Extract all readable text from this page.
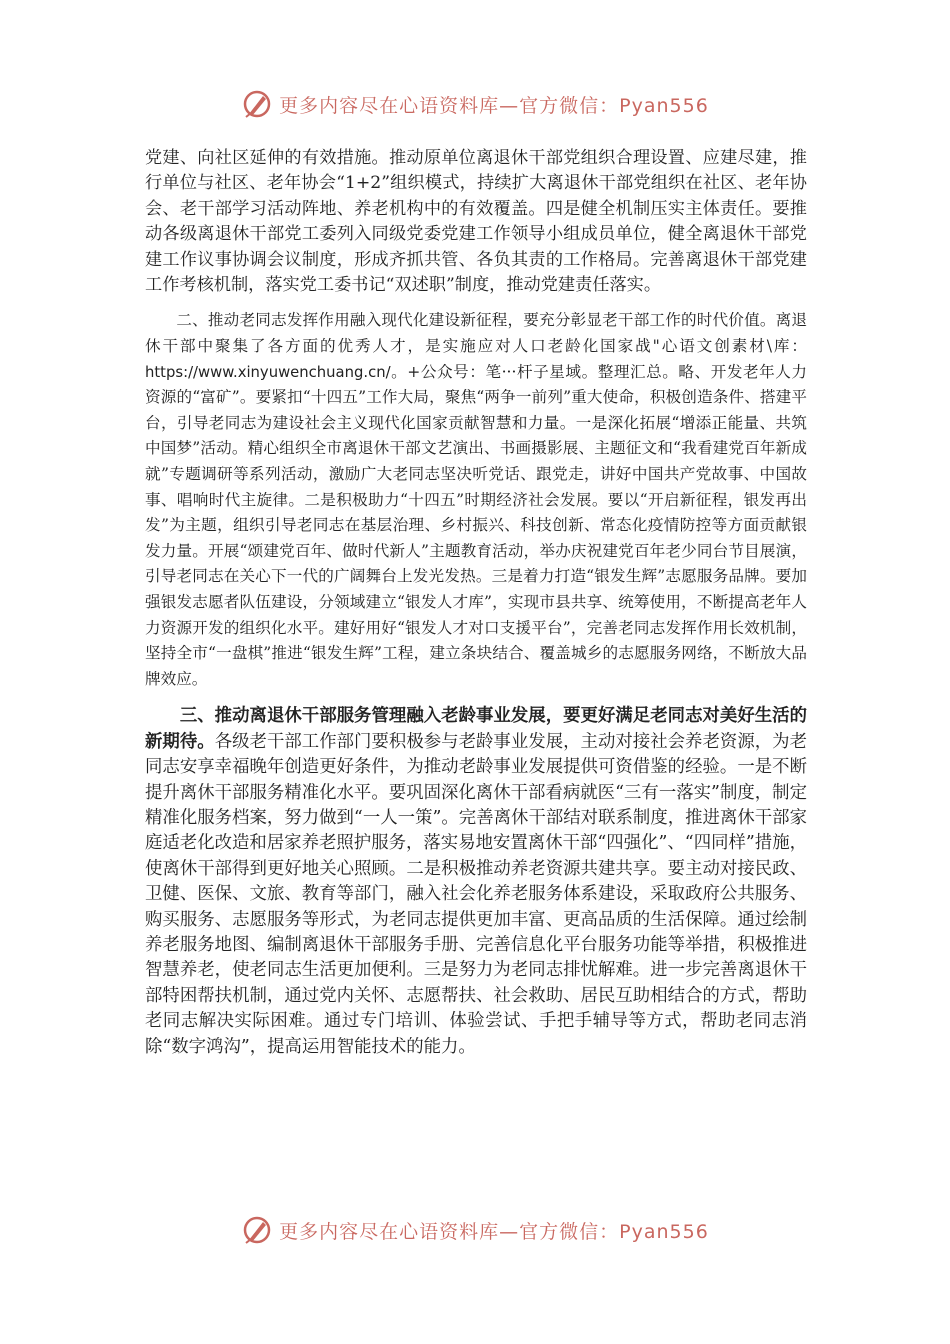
更多内容尽在心语资料库— 官方微信：Pyan556

党建、向社区延伸的有效措施。推动原单位离退休干部党组织合理设置、应建尽建，推行单位与社区、老年协会“1+2”组织模式，持续扩大离退休干部党组织在社区、老年协会、老干部学习活动阵地、养老机构中的有效覆盖。四是健全机制压实主体责任。要推动各级离退休干部党工委列入同级党委党建工作领导小组成员单位，健全离退休干部党建工作议事协调会议制度，形成齐抓共管、各负其责的工作格局。完善离退休干部党建工作考核机制，落实党工委书记“双述职”制度，推动党建责任落实。

二、推动老同志发挥作用融入现代化建设新征程，要充分彰显老干部工作的时代价值。离退休干部中聚集了各方面的优秀人才，是实施应对人口老龄化国家战"心语文创素材\库：https://www.xinyuwenchuang.cn/。+公众号：笔···杆子星域。整理汇总。略、开发老年人力资源的“富矿”。要紧扣“十四五”工作大局，聚焦“两争一前列”重大使命，积极创造条件、搭建平台，引导老同志为建设社会主义现代化国家贡献智慧和力量。一是深化拓展“增添正能量、共筑中国梦”活动。精心组织全市离退休干部文艺演出、书画摄影展、主题征文和“我看建党百年新成就”专题调研等系列活动，激励广大老同志坚决听党话、跟党走，讲好中国共产党故事、中国故事、唱响时代主旋律。二是积极助力“十四五”时期经济社会发展。要以“开启新征程，银发再出发”为主题，组织引导老同志在基层治理、乡村振兴、科技创新、常态化疫情防控等方面贡献银发力量。开展“颂建党百年、做时代新人”主题教育活动，举办庆祝建党百年老少同台节目展演，引导老同志在关心下一代的广阔舞台上发光发热。三是着力打造“银发生辉”志愿服务品牌。要加强银发志愿者队伍建设，分领域建立“银发人才库”，实现市县共享、统筹使用，不断提高老年人力资源开发的组织化水平。建好用好“银发人才对口支援平台”，完善老同志发挥作用长效机制，坚持全市“一盘棋”推进“银发生辉”工程，建立条块结合、覆盖城乡的志愿服务网络，不断放大品牌效应。

三、推动离退休干部服务管理融入老龄事业发展，要更好满足老同志对美好生活的新期待。各级老干部工作部门要积极参与老龄事业发展，主动对接社会养老资源，为老同志安享幸福晚年创造更好条件，为推动老龄事业发展提供可资借鉴的经验。一是不断提升离休干部服务精准化水平。要巩固深化离休干部看病就医“三有一落实”制度，制定精准化服务档案，努力做到“一人一策”。完善离休干部结对联系制度，推进离休干部家庭适老化改造和居家养老照护服务，落实易地安置离休干部“四强化”、“四同样”措施，使离休干部得到更好地关心照顾。二是积极推动养老资源共建共享。要主动对接民政、卫健、医保、文旅、教育等部门，融入社会化养老服务体系建设，采取政府公共服务、购买服务、志愿服务等形式，为老同志提供更加丰富、更高品质的生活保障。通过绘制养老服务地图、编制离退休干部服务手册、完善信息化平台服务功能等举措，积极推进智慧养老，使老同志生活更加便利。三是努力为老同志排忧解难。进一步完善离退休干部特困帮扶机制，通过党内关怀、志愿帮扶、社会救助、居民互助相结合的方式，帮助老同志解决实际困难。通过专门培训、体验尝试、手把手辅导等方式，帮助老同志消除“数字鸿沟”，提高运用智能技术的能力。

更多内容尽在心语资料库— 官方微信：Pyan556
